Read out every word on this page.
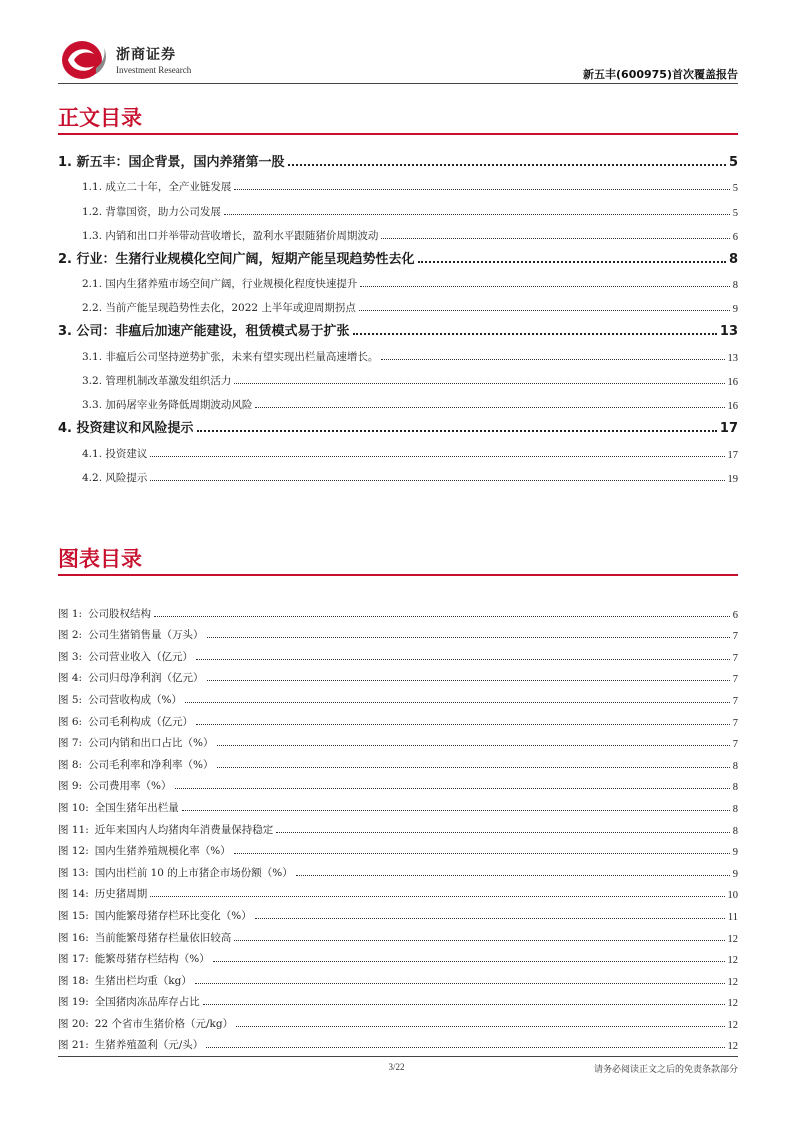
浙商证券
Investment Research	新五丰(600975)首次覆盖报告
正文目录
1. 新五丰：国企背景，国内养猪第一股	5
1.1. 成立二十年，全产业链发展	5
1.2. 背靠国资，助力公司发展	5
1.3. 内销和出口并举带动营收增长，盈利水平跟随猪价周期波动	6
2. 行业：生猪行业规模化空间广阔，短期产能呈现趋势性去化	8
2.1. 国内生猪养殖市场空间广阔，行业规模化程度快速提升	8
2.2. 当前产能呈现趋势性去化，2022 上半年或迎周期拐点	9
3. 公司：非瘟后加速产能建设，租赁模式易于扩张	13
3.1. 非瘟后公司坚持逆势扩张，未来有望实现出栏量高速增长。	13
3.2. 管理机制改革激发组织活力	16
3.3. 加码屠宰业务降低周期波动风险	16
4. 投资建议和风险提示	17
4.1. 投资建议	17
4.2. 风险提示	19
图表目录
图 1: 公司股权结构	6
图 2: 公司生猪销售量（万头）	7
图 3: 公司营业收入（亿元）	7
图 4: 公司归母净利润（亿元）	7
图 5: 公司营收构成（%）	7
图 6: 公司毛利构成（亿元）	7
图 7: 公司内销和出口占比（%）	7
图 8: 公司毛利率和净利率（%）	8
图 9: 公司费用率（%）	8
图 10: 全国生猪年出栏量	8
图 11: 近年来国内人均猪肉年消费量保持稳定	8
图 12: 国内生猪养殖规模化率（%）	9
图 13: 国内出栏前 10 的上市猪企市场份额（%）	9
图 14: 历史猪周期	10
图 15: 国内能繁母猪存栏环比变化（%）	11
图 16: 当前能繁母猪存栏量依旧较高	12
图 17: 能繁母猪存栏结构（%）	12
图 18: 生猪出栏均重（kg）	12
图 19: 全国猪肉冻品库存占比	12
图 20: 22 个省市生猪价格（元/kg）	12
图 21: 生猪养殖盈利（元/头）	12
3/22	请务必阅读正文之后的免责条款部分
